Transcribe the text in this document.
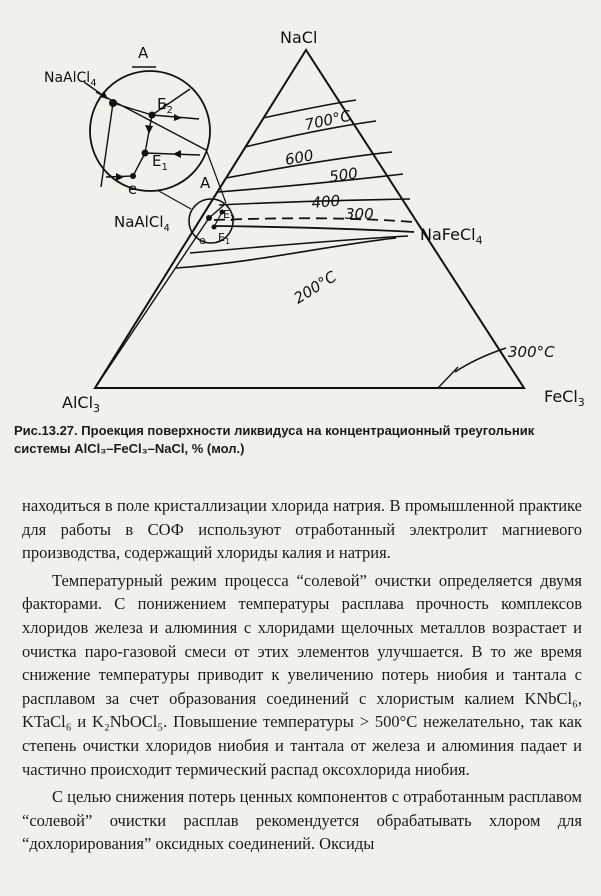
NaCl
AlCl$_3$
FeCl$_3$
NaFeCl$_4$
NaAlCl$_4$
NaAlCl$_4$
A
A
$E_2$
$E_1$
e
$E_2$
$E_1$
e
700°C
600
500
400
300
200°C
300°C

Рис.13.27. Проекция поверхности ликвидуса на концентрационный треугольник системы AlCl₃–FeCl₃–NaCl, % (мол.)

находиться в поле кристаллизации хлорида натрия. В промышленной практике для работы в СОФ используют отработанный электролит магниевого производства, содержащий хлориды калия и натрия.

Температурный режим процесса “солевой” очистки определяется двумя факторами. С понижением температуры расплава прочность комплексов хлоридов железа и алюминия с хлоридами щелочных металлов возрастает и очистка паро-газовой смеси от этих элементов улучшается. В то же время снижение температуры приводит к увеличению потерь ниобия и тантала с расплавом за счет образования соединений с хлористым калием KNbCl₆, KTaCl₆ и K₂NbOCl₅. Повышение температуры > 500°C нежелательно, так как степень очистки хлоридов ниобия и тантала от железа и алюминия падает и частично происходит термический распад оксохлорида ниобия.

С целью снижения потерь ценных компонентов с отработанным расплавом “солевой” очистки расплав рекомендуется обрабатывать хлором для “дохлорирования” оксидных соединений. Оксиды
